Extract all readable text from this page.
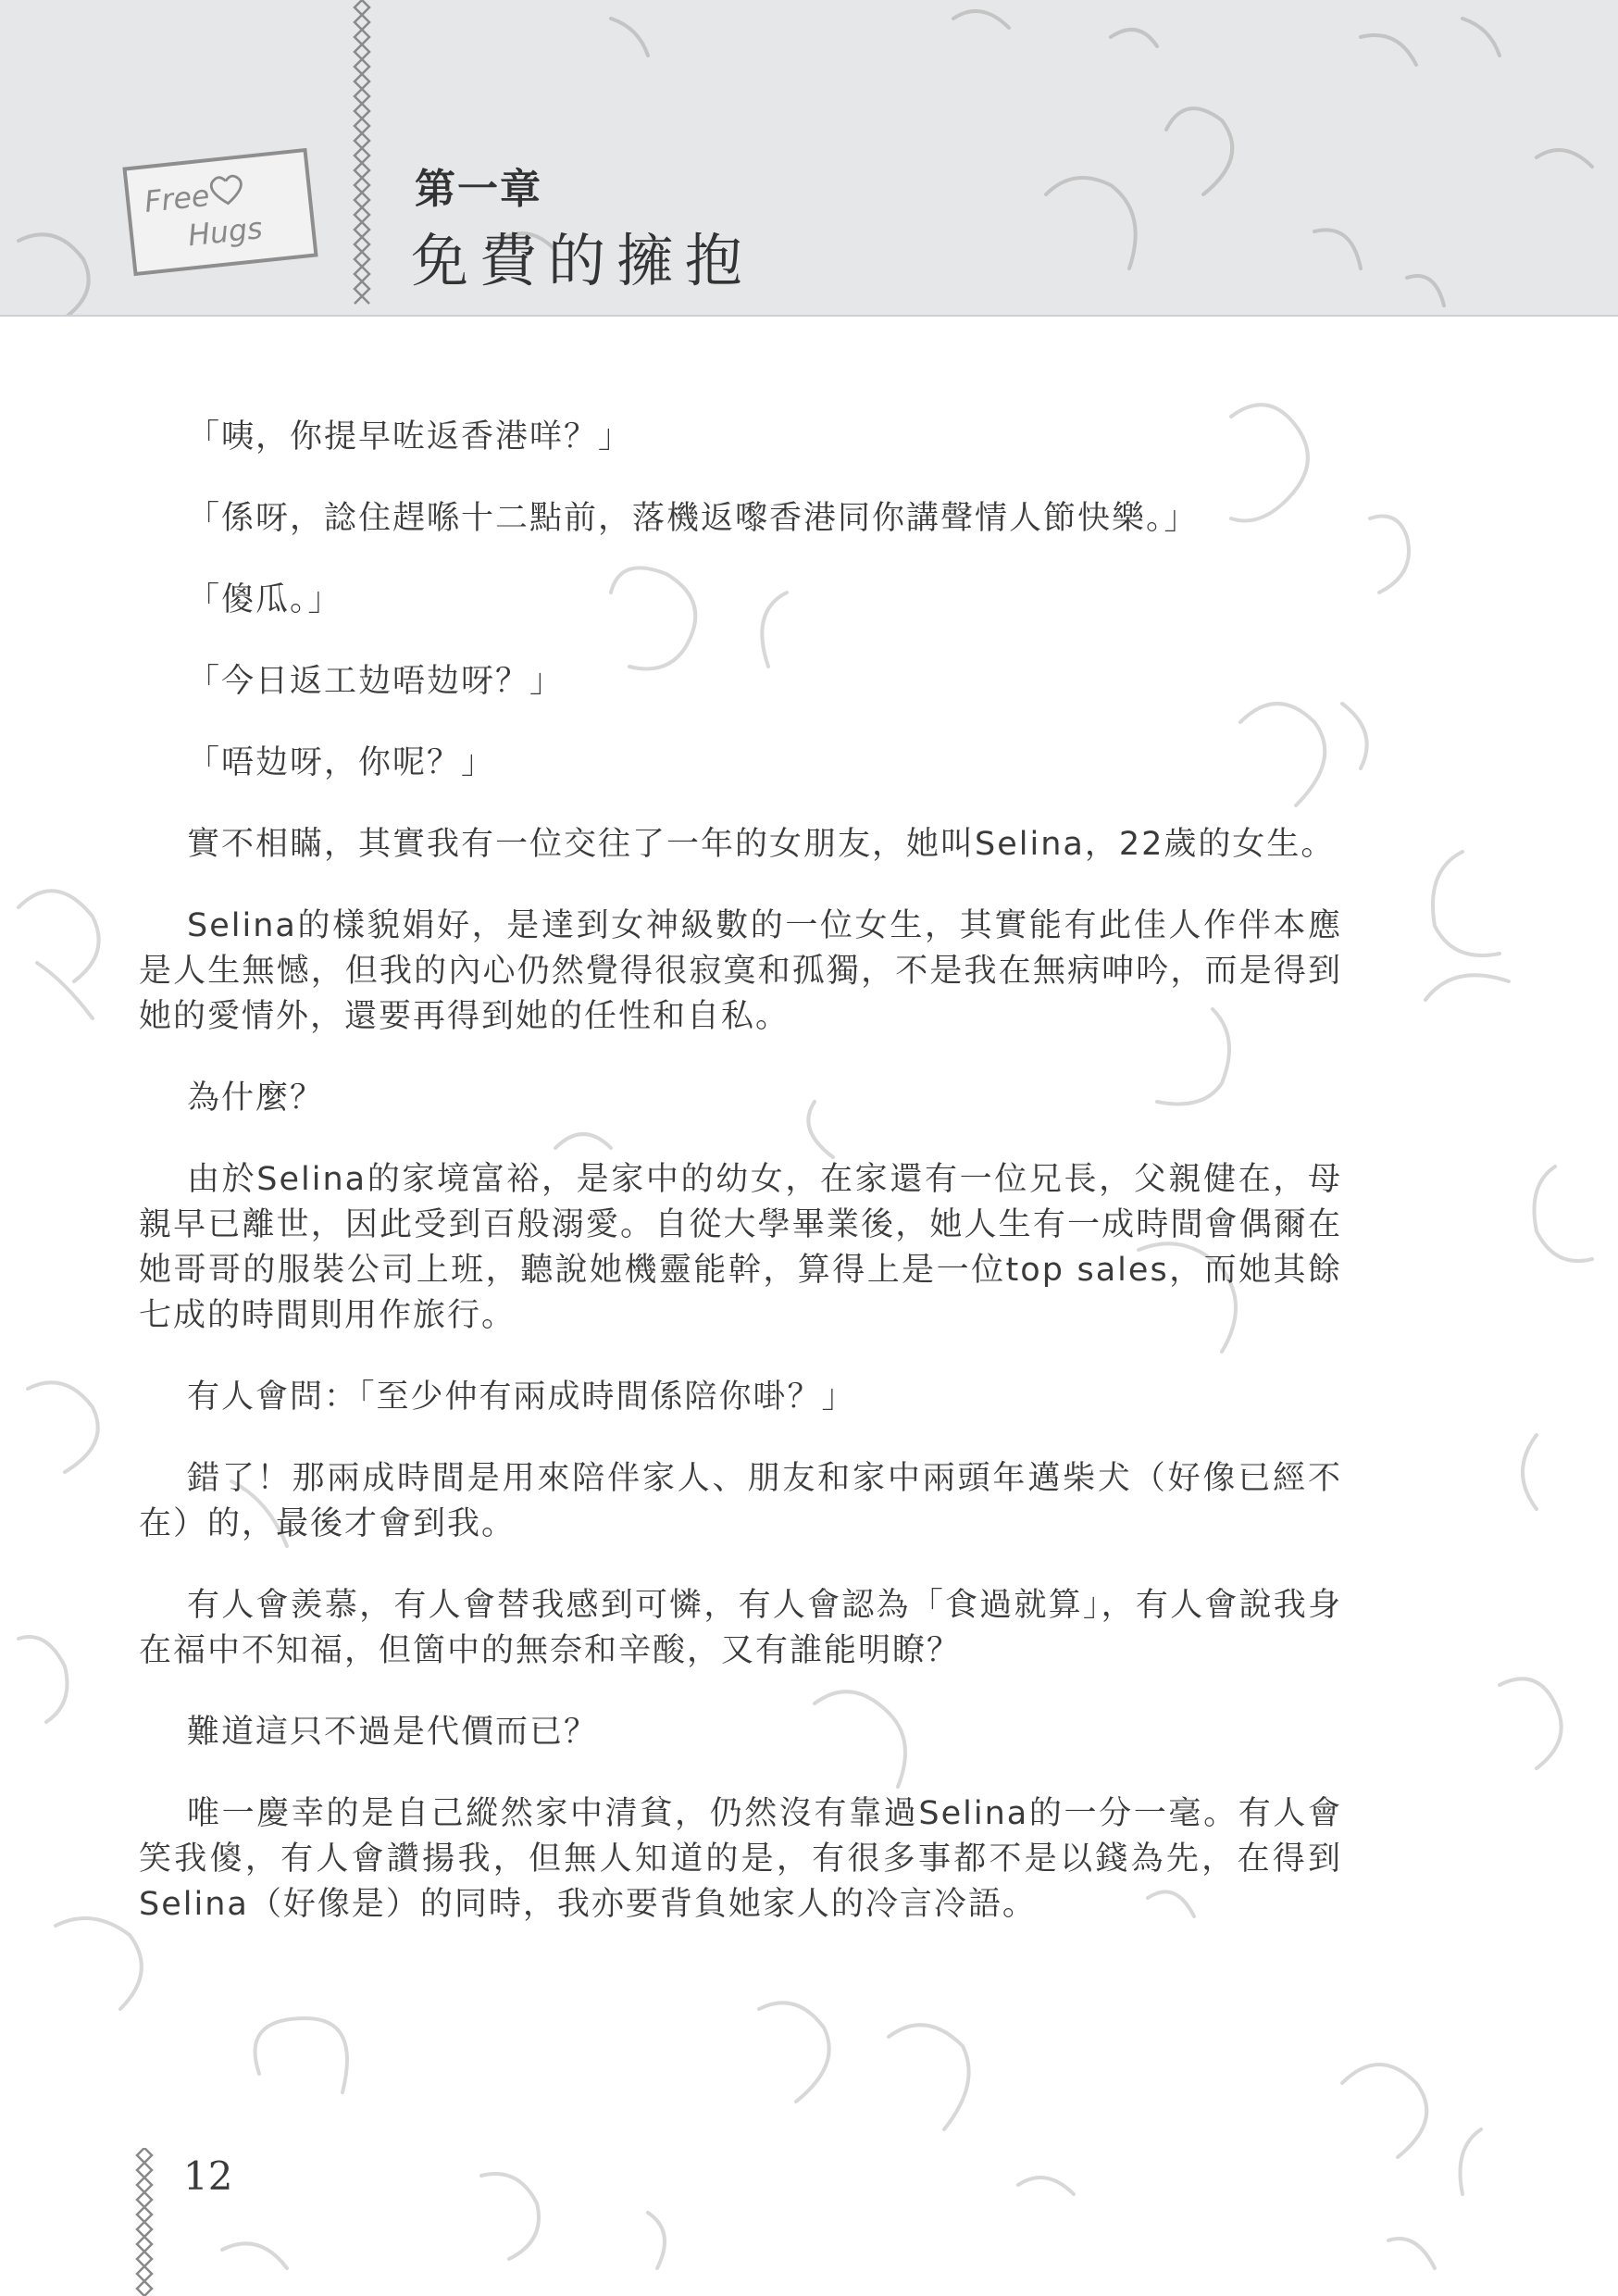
Free
Hugs
第一章
免費的擁抱

「咦，你提早咗返香港咩？」

「係呀，諗住趕喺十二點前，落機返嚟香港同你講聲情人節快樂。」

「傻瓜。」

「今日返工攰唔攰呀？」

「唔攰呀，你呢？」

實不相瞞，其實我有一位交往了一年的女朋友，她叫Selina，22歲的女生。

Selina的樣貌娟好，是達到女神級數的一位女生，其實能有此佳人作伴本應是人生無憾，但我的內心仍然覺得很寂寞和孤獨，不是我在無病呻吟，而是得到她的愛情外，還要再得到她的任性和自私。

為什麼？

由於Selina的家境富裕，是家中的幼女，在家還有一位兄長，父親健在，母親早已離世，因此受到百般溺愛。自從大學畢業後，她人生有一成時間會偶爾在她哥哥的服裝公司上班，聽說她機靈能幹，算得上是一位top sales，而她其餘七成的時間則用作旅行。

有人會問：「至少仲有兩成時間係陪你啩？」

錯了！那兩成時間是用來陪伴家人、朋友和家中兩頭年邁柴犬（好像已經不在）的，最後才會到我。

有人會羨慕，有人會替我感到可憐，有人會認為「食過就算」，有人會說我身在福中不知福，但箇中的無奈和辛酸，又有誰能明瞭？

難道這只不過是代價而已？

唯一慶幸的是自己縱然家中清貧，仍然沒有靠過Selina的一分一毫。有人會笑我傻，有人會讚揚我，但無人知道的是，有很多事都不是以錢為先，在得到Selina（好像是）的同時，我亦要背負她家人的冷言冷語。

12
